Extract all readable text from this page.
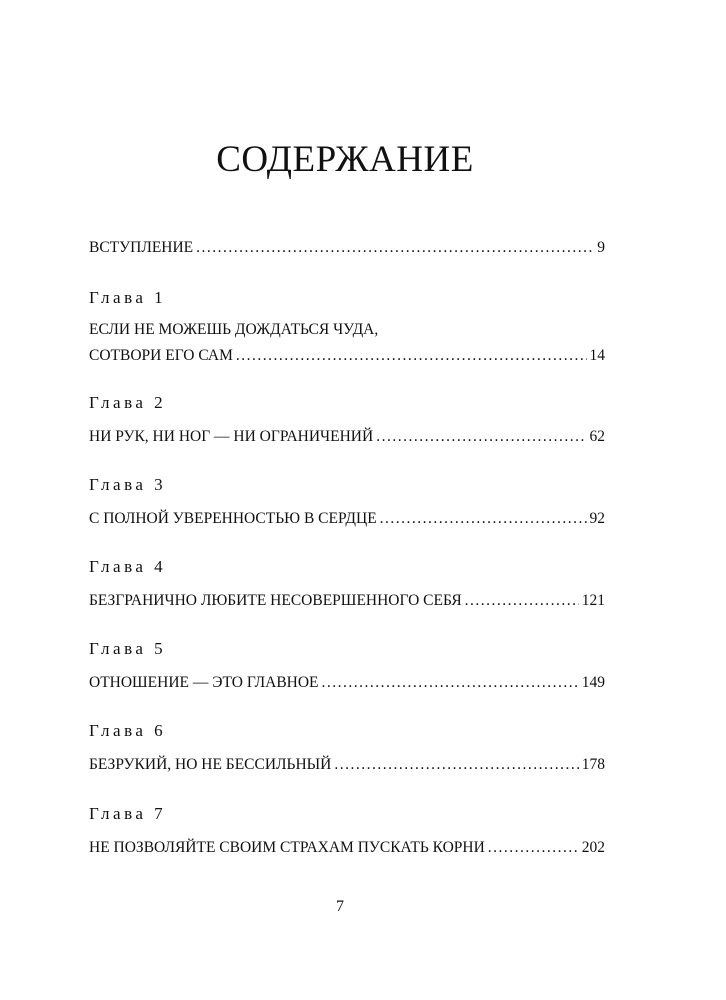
СОДЕРЖАНИЕ
ВСТУПЛЕНИЕ .....	9
Глава 1
ЕСЛИ НЕ МОЖЕШЬ ДОЖДАТЬСЯ ЧУДА,
СОТВОРИ ЕГО САМ .....	14
Глава 2
НИ РУК, НИ НОГ — НИ ОГРАНИЧЕНИЙ .....	62
Глава 3
С ПОЛНОЙ УВЕРЕННОСТЬЮ В СЕРДЦЕ .....	92
Глава 4
БЕЗГРАНИЧНО ЛЮБИТЕ НЕСОВЕРШЕННОГО СЕБЯ .....	121
Глава 5
ОТНОШЕНИЕ — ЭТО ГЛАВНОЕ .....	149
Глава 6
БЕЗРУКИЙ, НО НЕ БЕССИЛЬНЫЙ .....	178
Глава 7
НЕ ПОЗВОЛЯЙТЕ СВОИМ СТРАХАМ ПУСКАТЬ КОРНИ .....	202
7
